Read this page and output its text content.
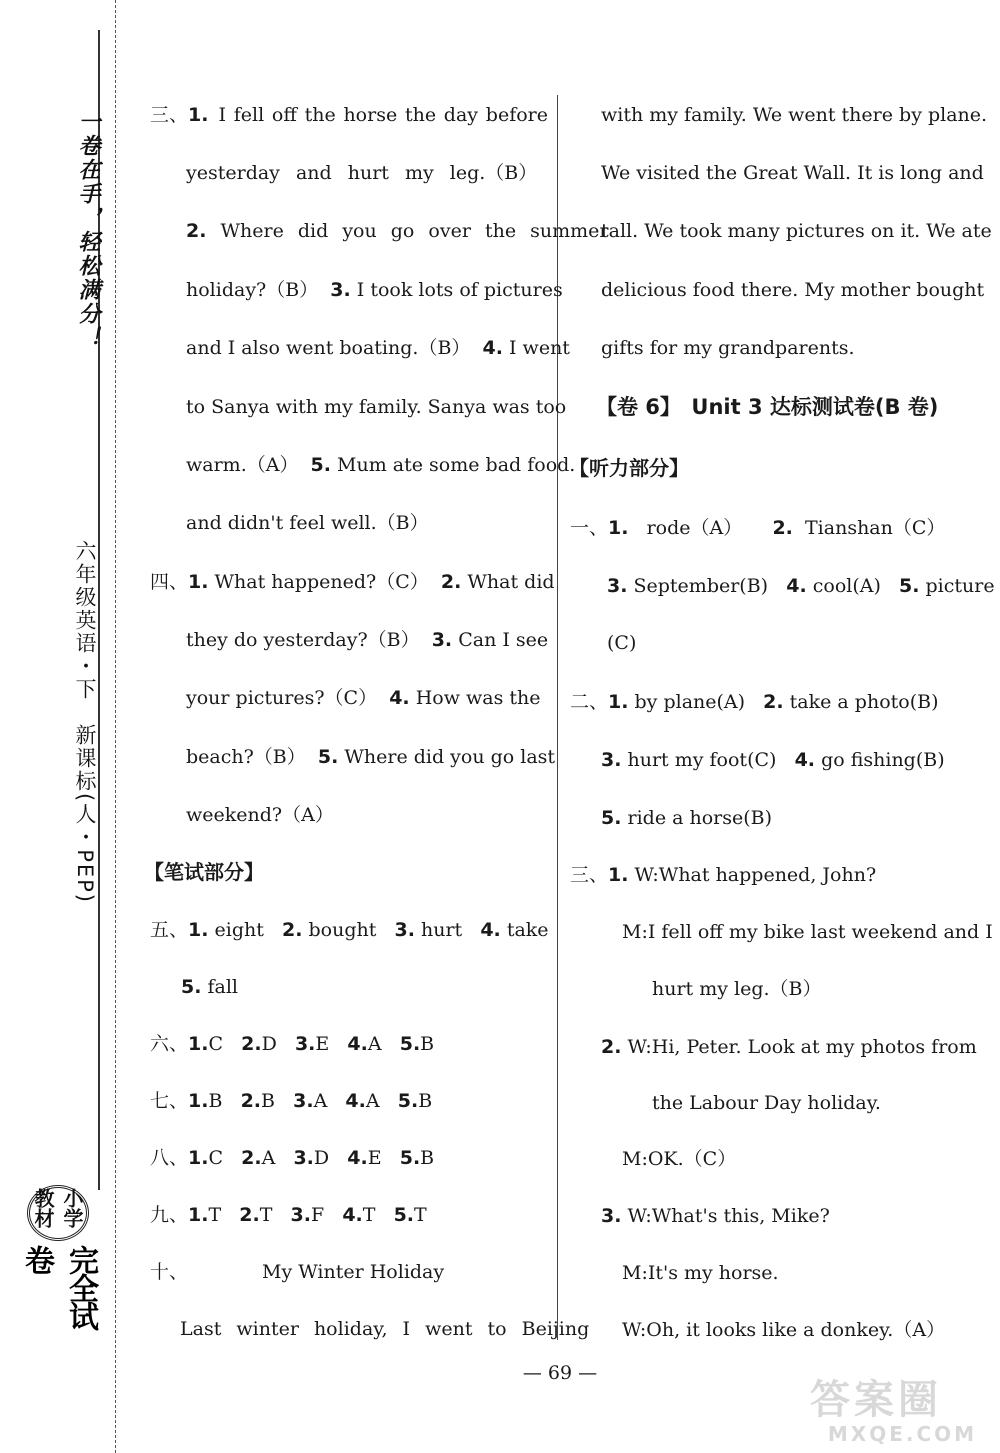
一卷在手，轻松满分！
六年级英语・下　新课标(人・PEP)
小学教材
完全试卷
三、1. I fell off the horse the day before
yesterday and hurt my leg.（B）
2. Where did you go over the summer
holiday?（B） 3. I took lots of pictures
and I also went boating.（B） 4. I went
to Sanya with my family. Sanya was too
warm.（A） 5. Mum ate some bad food.
and didn't feel well.（B）
四、1. What happened?（C） 2. What did
they do yesterday?（B） 3. Can I see
your pictures?（C） 4. How was the
beach?（B） 5. Where did you go last
weekend?（A）
【笔试部分】
五、1. eight 2. bought 3. hurt 4. take
5. fall
六、1.C 2.D 3.E 4.A 5.B
七、1.B 2.B 3.A 4.A 5.B
八、1.C 2.A 3.D 4.E 5.B
九、1.T 2.T 3.F 4.T 5.T
十、	My Winter Holiday
Last winter holiday, I went to Beijing
with my family. We went there by plane.
We visited the Great Wall. It is long and
tall. We took many pictures on it. We ate
delicious food there. My mother bought
gifts for my grandparents.
【卷 6】　Unit 3 达标测试卷(B 卷)
【听力部分】
一、1. rode（A） 2. Tianshan（C）
3. September(B) 4. cool(A) 5. picture
(C)
二、1. by plane(A) 2. take a photo(B)
3. hurt my foot(C) 4. go fishing(B)
5. ride a horse(B)
三、1. W:What happened, John?
M:I fell off my bike last weekend and I
hurt my leg.（B）
2. W:Hi, Peter. Look at my photos from
the Labour Day holiday.
M:OK.（C）
3. W:What's this, Mike?
M:It's my horse.
W:Oh, it looks like a donkey.（A）
— 69 —
答案圈
MXQE.COM
